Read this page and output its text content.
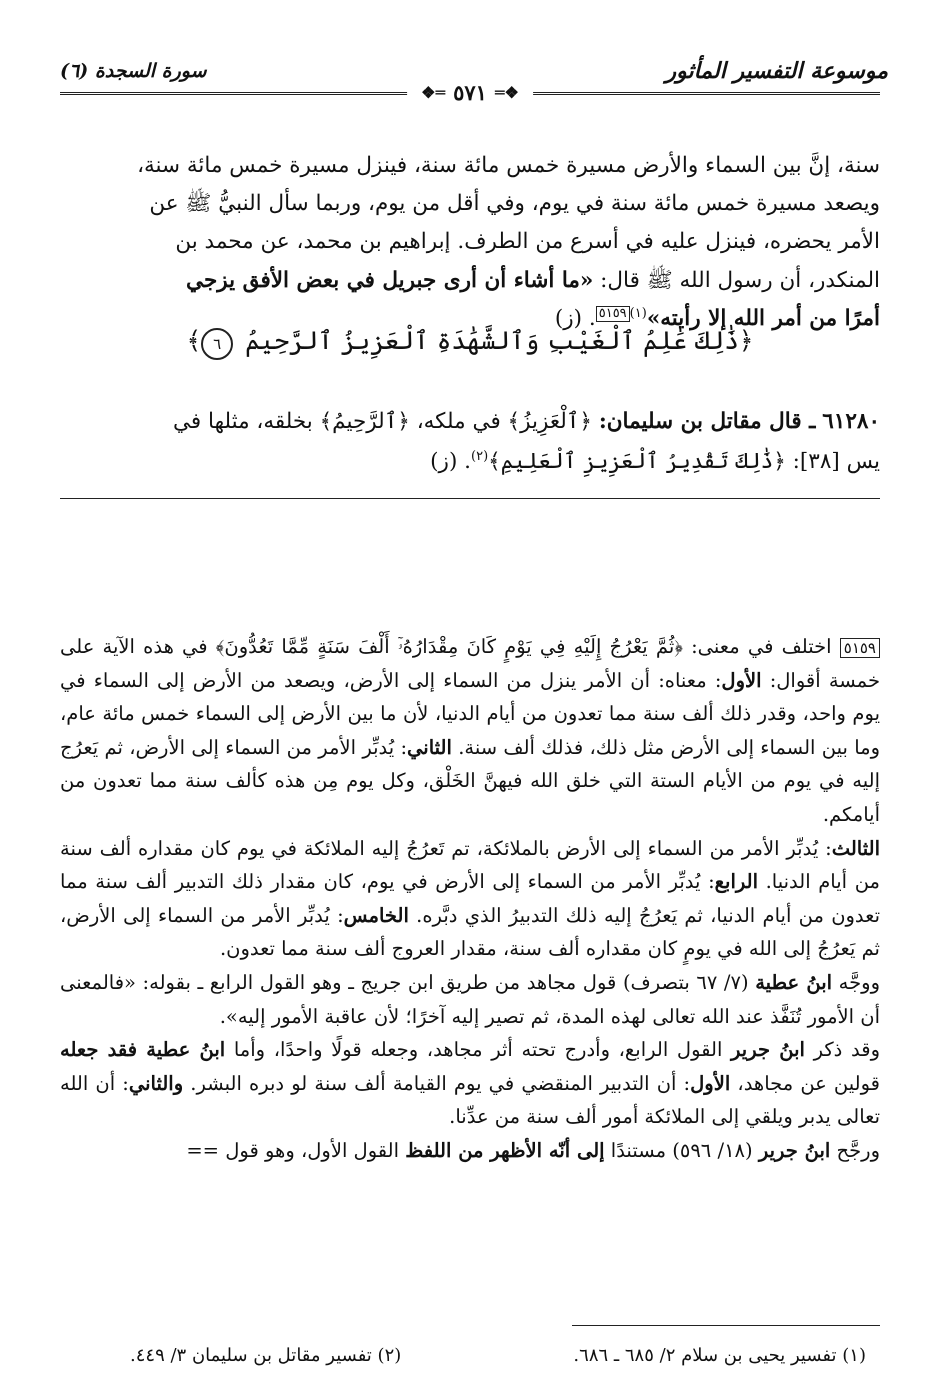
موسوعة التفسير المأثور
سورة السجدة (٦)
❖═
٥٧١
═❖

سنة، إنَّ بين السماء والأرض مسيرة خمس مائة سنة، فينزل مسيرة خمس مائة سنة،

ويصعد مسيرة خمس مائة سنة في يوم، وفي أقل من يوم، وربما سأل النبيُّ ﷺ عن

الأمر يحضره، فينزل عليه في أسرع من الطرف. إبراهيم بن محمد، عن محمد بن

المنكدر، أن رسول الله ﷺ قال: «ما أشاء أن أرى جبريل في بعض الأفق يزجي

أمرًا من أمر الله إلا رأيته»$^{(١)}$٥١٥٩. (ز)

﴿ذَٰلِكَ عَٰلِمُ ٱلْغَيْبِ وَٱلشَّهَٰدَةِ ٱلْعَزِيزُ ٱلرَّحِيمُ ٦﴾

٦١٢٨٠ ـ قال مقاتل بن سليمان: ﴿ٱلْعَزِيزُ﴾ في ملكه، ﴿ٱلرَّحِيمُ﴾ بخلقه، مثلها في

يس [٣٨]: ﴿ذَٰلِكَ تَقْدِيرُ ٱلْعَزِيزِ ٱلْعَلِيمِ﴾$^{(٢)}$. (ز)

٥١٥٩ اختلف في معنى: ﴿ثُمَّ يَعْرُجُ إِلَيْهِ فِي يَوْمٍ كَانَ مِقْدَارُهُۥٓ أَلْفَ سَنَةٍ مِّمَّا تَعُدُّونَ﴾ في هذه الآية على خمسة أقوال: الأول: معناه: أن الأمر ينزل من السماء إلى الأرض، ويصعد من الأرض إلى السماء في يوم واحد، وقدر ذلك ألف سنة مما تعدون من أيام الدنيا، لأن ما بين الأرض إلى السماء خمس مائة عام، وما بين السماء إلى الأرض مثل ذلك، فذلك ألف سنة. الثاني: يُدبِّر الأمر من السماء إلى الأرض، ثم يَعرُج إليه في يوم من الأيام الستة التي خلق الله فيهنَّ الخَلْق، وكل يوم مِن هذه كألف سنة مما تعدون من أيامكم.

الثالث: يُدبِّر الأمر من السماء إلى الأرض بالملائكة، تم تَعرُجُ إليه الملائكة في يوم كان مقداره ألف سنة من أيام الدنيا. الرابع: يُدبِّر الأمر من السماء إلى الأرض في يوم، كان مقدار ذلك التدبير ألف سنة مما تعدون من أيام الدنيا، ثم يَعرُجُ إليه ذلك التدبيرُ الذي دبَّره. الخامس: يُدبِّر الأمر من السماء إلى الأرض، ثم يَعرُجُ إلى الله في يومٍ كان مقداره ألف سنة، مقدار العروج ألف سنة مما تعدون.

ووجَّه ابنُ عطية (٧/ ٦٧ بتصرف) قول مجاهد من طريق ابن جريج ـ وهو القول الرابع ـ بقوله: «فالمعنى أن الأمور تُنَفَّذ عند الله تعالى لهذه المدة، ثم تصير إليه آخرًا؛ لأن عاقبة الأمور إليه».

وقد ذكر ابنُ جرير القول الرابع، وأدرج تحته أثر مجاهد، وجعله قولًا واحدًا، وأما ابنُ عطية فقد جعله قولين عن مجاهد، الأول: أن التدبير المنقضي في يوم القيامة ألف سنة لو دبره البشر. والثاني: أن الله تعالى يدبر ويلقي إلى الملائكة أمور ألف سنة من عدِّنا.

ورجَّح ابنُ جرير (١٨/ ٥٩٦) مستندًا إلى أنّه الأظهر من اللفظ القول الأول، وهو قول ==

(١) تفسير يحيى بن سلام ٢/ ٦٨٥ ـ ٦٨٦.
(٢) تفسير مقاتل بن سليمان ٣/ ٤٤٩.
